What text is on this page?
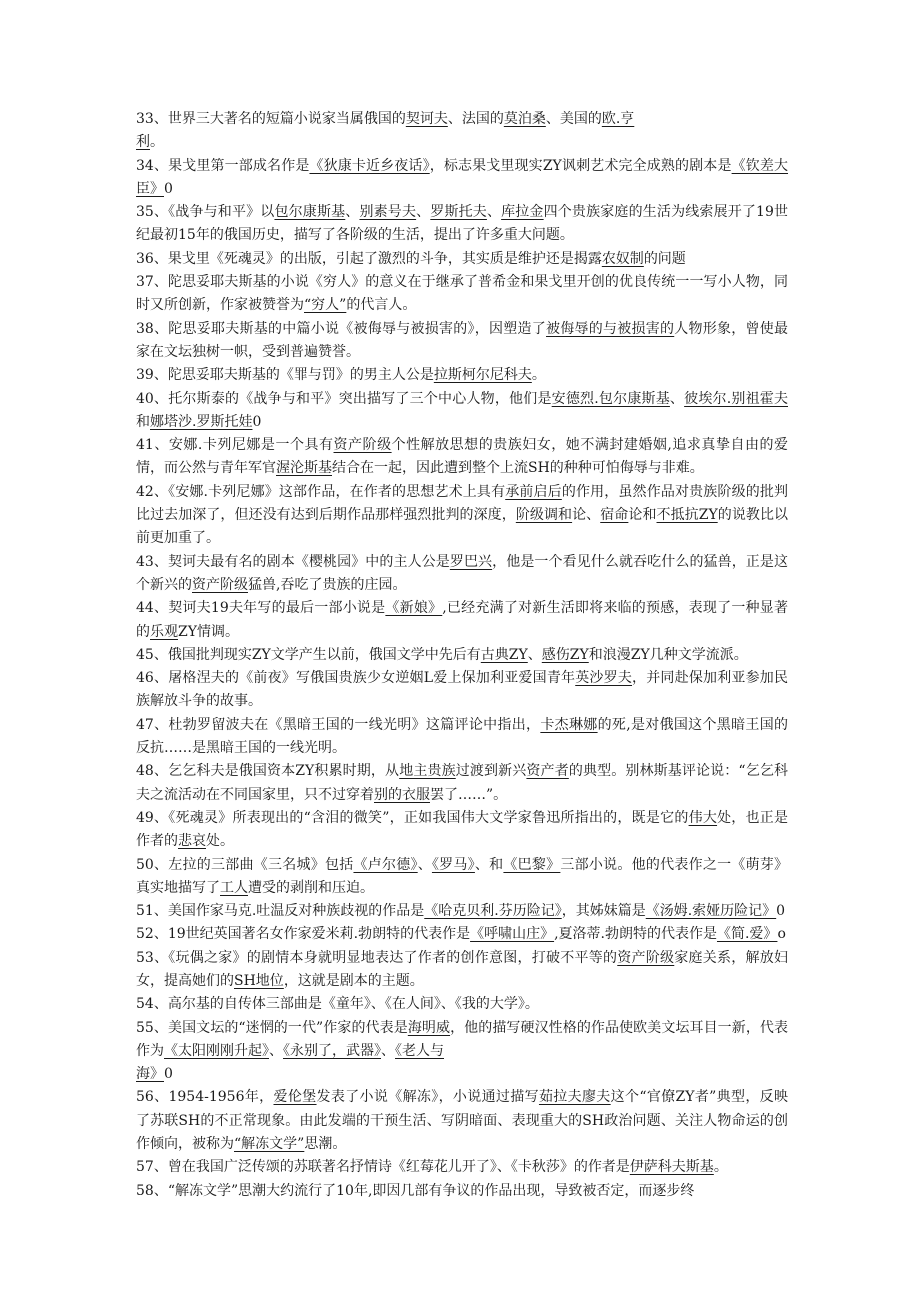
33、世界三大著名的短篇小说家当属俄国的契诃夫、法国的莫泊桑、美国的欧.亨
利。

34、果戈里第一部成名作是《狄康卡近乡夜话》，标志果戈里现实ZY讽刺艺术完全成熟的剧本是《钦差大臣》0

35、《战争与和平》以包尔康斯基、别素号夫、罗斯托夫、库拉金四个贵族家庭的生活为线索展开了19世纪最初15年的俄国历史，描写了各阶级的生活，提出了许多重大问题。

36、果戈里《死魂灵》的出版，引起了激烈的斗争，其实质是维护还是揭露农奴制的问题

37、陀思妥耶夫斯基的小说《穷人》的意义在于继承了普希金和果戈里开创的优良传统一一写小人物，同时又所创新，作家被赞誉为“穷人”的代言人。

38、陀思妥耶夫斯基的中篇小说《被侮辱与被损害的》，因塑造了被侮辱的与被损害的人物形象，曾使最家在文坛独树一帜，受到普遍赞誉。

39、陀思妥耶夫斯基的《罪与罚》的男主人公是拉斯柯尔尼科夫。

40、托尔斯泰的《战争与和平》突出描写了三个中心人物，他们是安德烈.包尔康斯基、彼埃尔.别祖霍夫和娜塔沙.罗斯托娃0

41、安娜.卡列尼娜是一个具有资产阶级个性解放思想的贵族妇女，她不满封建婚姻,追求真挚自由的爱情，而公然与青年军官渥沦斯基结合在一起，因此遭到整个上流SH的种种可怕侮辱与非难。

42、《安娜.卡列尼娜》这部作品，在作者的思想艺术上具有承前启后的作用，虽然作品对贵族阶级的批判比过去加深了，但还没有达到后期作品那样强烈批判的深度，阶级调和论、宿命论和不抵抗ZY的说教比以前更加重了。

43、契诃夫最有名的剧本《樱桃园》中的主人公是罗巴兴，他是一个看见什么就吞吃什么的猛兽，正是这个新兴的资产阶级猛兽,吞吃了贵族的庄园。

44、契诃夫19夫年写的最后一部小说是《新娘》,已经充满了对新生活即将来临的预感，表现了一种显著的乐观ZY情调。

45、俄国批判现实ZY文学产生以前，俄国文学中先后有古典ZY、感伤ZY和浪漫ZY几种文学流派。

46、屠格涅夫的《前夜》写俄国贵族少女逆姻L爱上保加利亚爱国青年英沙罗夫，并同赴保加利亚参加民族解放斗争的故事。

47、杜勃罗留波夫在《黑暗王国的一线光明》这篇评论中指出，卡杰琳娜的死,是对俄国这个黑暗王国的反抗……是黑暗王国的一线光明。

48、乞乞科夫是俄国资本ZY积累时期，从地主贵族过渡到新兴资产者的典型。别林斯基评论说：“乞乞科夫之流活动在不同国家里，只不过穿着别的衣服罢了……”。

49、《死魂灵》所表现出的“含泪的微笑”，正如我国伟大文学家鲁迅所指出的，既是它的伟大处，也正是作者的悲哀处。

50、左拉的三部曲《三名城》包括《卢尔德》、《罗马》、和《巴黎》三部小说。他的代表作之一《萌芽》真实地描写了工人遭受的剥削和压迫。

51、美国作家马克.吐温反对种族歧视的作品是《哈克贝利.芬历险记》，其姊妹篇是《汤姆.索娅历险记》0

52、19世纪英国著名女作家爱米莉.勃朗特的代表作是《呼啸山庄》,夏洛蒂.勃朗特的代表作是《简.爱》o

53、《玩偶之家》的剧情本身就明显地表达了作者的创作意图，打破不平等的资产阶级家庭关系，解放妇女，提高她们的SH地位，这就是剧本的主题。

54、高尔基的自传体三部曲是《童年》、《在人间》、《我的大学》。

55、美国文坛的“迷惘的一代”作家的代表是海明威，他的描写硬汉性格的作品使欧美文坛耳目一新，代表作为《太阳刚刚升起》、《永别了，武器》、《老人与
海》0

56、1954-1956年，爱伦堡发表了小说《解冻》，小说通过描写茹拉夫廖夫这个“官僚ZY者”典型，反映了苏联SH的不正常现象。由此发端的干预生活、写阴暗面、表现重大的SH政治问题、关注人物命运的创作倾向，被称为“解冻文学”思潮。

57、曾在我国广泛传颂的苏联著名抒情诗《红莓花儿开了》、《卡秋莎》的作者是伊萨科夫斯基。

58、“解冻文学”思潮大约流行了10年,即因几部有争议的作品出现，导致被否定，而逐步终
